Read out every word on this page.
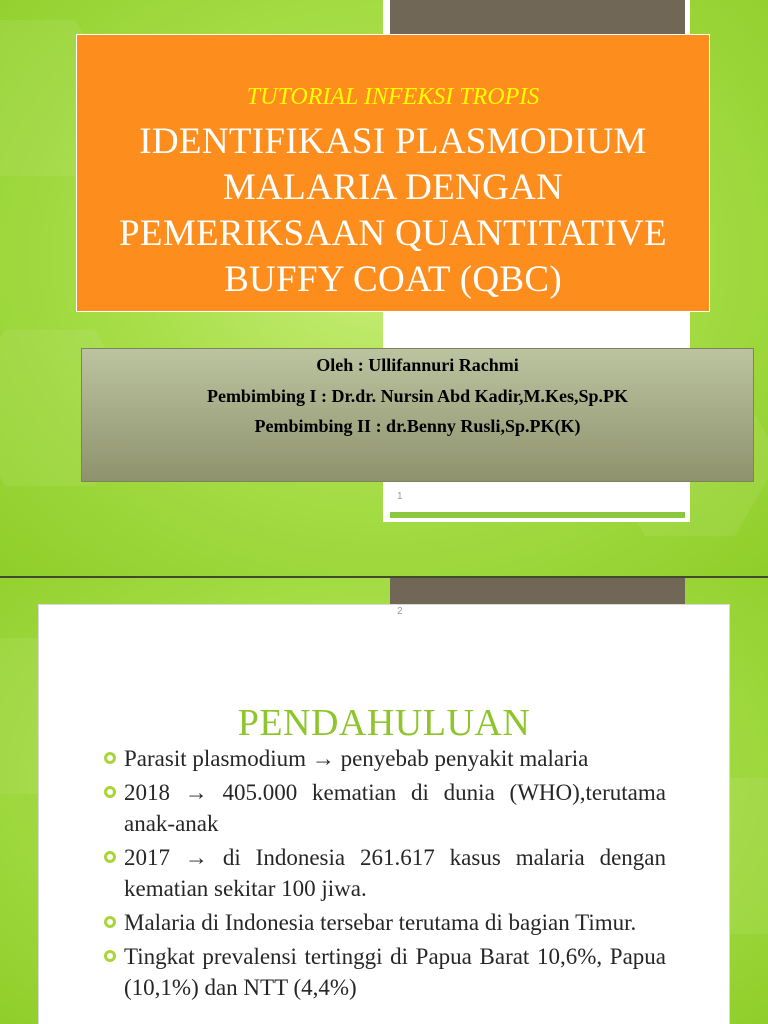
TUTORIAL INFEKSI TROPIS
IDENTIFIKASI PLASMODIUM MALARIA DENGAN PEMERIKSAAN QUANTITATIVE BUFFY COAT (QBC)
Oleh : Ullifannuri Rachmi
Pembimbing I : Dr.dr. Nursin Abd Kadir,M.Kes,Sp.PK
Pembimbing II : dr.Benny Rusli,Sp.PK(K)
1
PENDAHULUAN
2
Parasit plasmodium → penyebab penyakit malaria
2018 → 405.000 kematian di dunia (WHO),terutama anak-anak
2017 → di Indonesia 261.617 kasus malaria dengan kematian sekitar 100 jiwa.
Malaria di Indonesia tersebar terutama di bagian Timur.
Tingkat prevalensi tertinggi di Papua Barat 10,6%, Papua (10,1%) dan NTT (4,4%)
